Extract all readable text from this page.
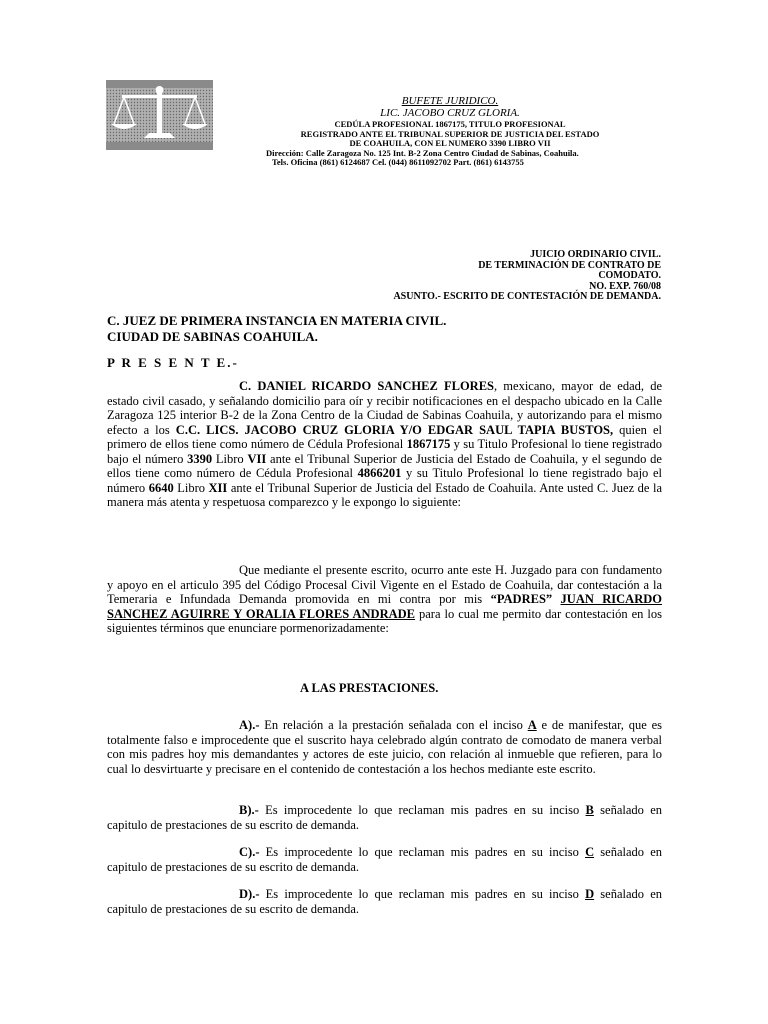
BUFETE JURIDICO.
LIC. JACOBO CRUZ GLORIA.
CEDÚLA PROFESIONAL 1867175, TITULO PROFESIONAL
REGISTRADO ANTE EL TRIBUNAL SUPERIOR DE JUSTICIA DEL ESTADO
DE COAHUILA, CON EL NUMERO 3390 LIBRO VII
Dirección: Calle Zaragoza No. 125 Int. B-2 Zona Centro Ciudad de Sabinas, Coahuila.
Tels. Oficina (861) 6124687 Cel. (044) 8611092702 Part. (861) 6143755
JUICIO ORDINARIO CIVIL.
DE TERMINACIÓN DE CONTRATO DE
COMODATO.
NO. EXP. 760/08
ASUNTO.- ESCRITO DE CONTESTACIÓN DE DEMANDA.
C. JUEZ DE PRIMERA INSTANCIA EN MATERIA CIVIL.
CIUDAD DE SABINAS COAHUILA.
P R E S E N T E.-
C. DANIEL RICARDO SANCHEZ FLORES, mexicano, mayor de edad, de estado civil casado, y señalando domicilio para oír y recibir notificaciones en el despacho ubicado en la Calle Zaragoza 125 interior B-2 de la Zona Centro de la Ciudad de Sabinas Coahuila, y autorizando para el mismo efecto a los C.C. LICS. JACOBO CRUZ GLORIA Y/O EDGAR SAUL TAPIA BUSTOS, quien el primero de ellos tiene como número de Cédula Profesional 1867175 y su Titulo Profesional lo tiene registrado bajo el número 3390 Libro VII ante el Tribunal Superior de Justicia del Estado de Coahuila, y el segundo de ellos tiene como número de Cédula Profesional 4866201 y su Titulo Profesional lo tiene registrado bajo el número 6640 Libro XII ante el Tribunal Superior de Justicia del Estado de Coahuila. Ante usted C. Juez de la manera más atenta y respetuosa comparezco y le expongo lo siguiente:
Que mediante el presente escrito, ocurro ante este H. Juzgado para con fundamento y apoyo en el articulo 395 del Código Procesal Civil Vigente en el Estado de Coahuila, dar contestación a la Temeraria e Infundada Demanda promovida en mi contra por mis “PADRES” JUAN RICARDO SANCHEZ AGUIRRE Y ORALIA FLORES ANDRADE para lo cual me permito dar contestación en los siguientes términos que enunciare pormenorizadamente:
A LAS PRESTACIONES.
A).- En relación a la prestación señalada con el inciso A e de manifestar, que es totalmente falso e improcedente que el suscrito haya celebrado algún contrato de comodato de manera verbal con mis padres hoy mis demandantes y actores de este juicio, con relación al inmueble que refieren, para lo cual lo desvirtuarte y precisare en el contenido de contestación a los hechos mediante este escrito.
B).- Es improcedente lo que reclaman mis padres en su inciso B señalado en capitulo de prestaciones de su escrito de demanda.
C).- Es improcedente lo que reclaman mis padres en su inciso C señalado en capitulo de prestaciones de su escrito de demanda.
D).- Es improcedente lo que reclaman mis padres en su inciso D señalado en capitulo de prestaciones de su escrito de demanda.
